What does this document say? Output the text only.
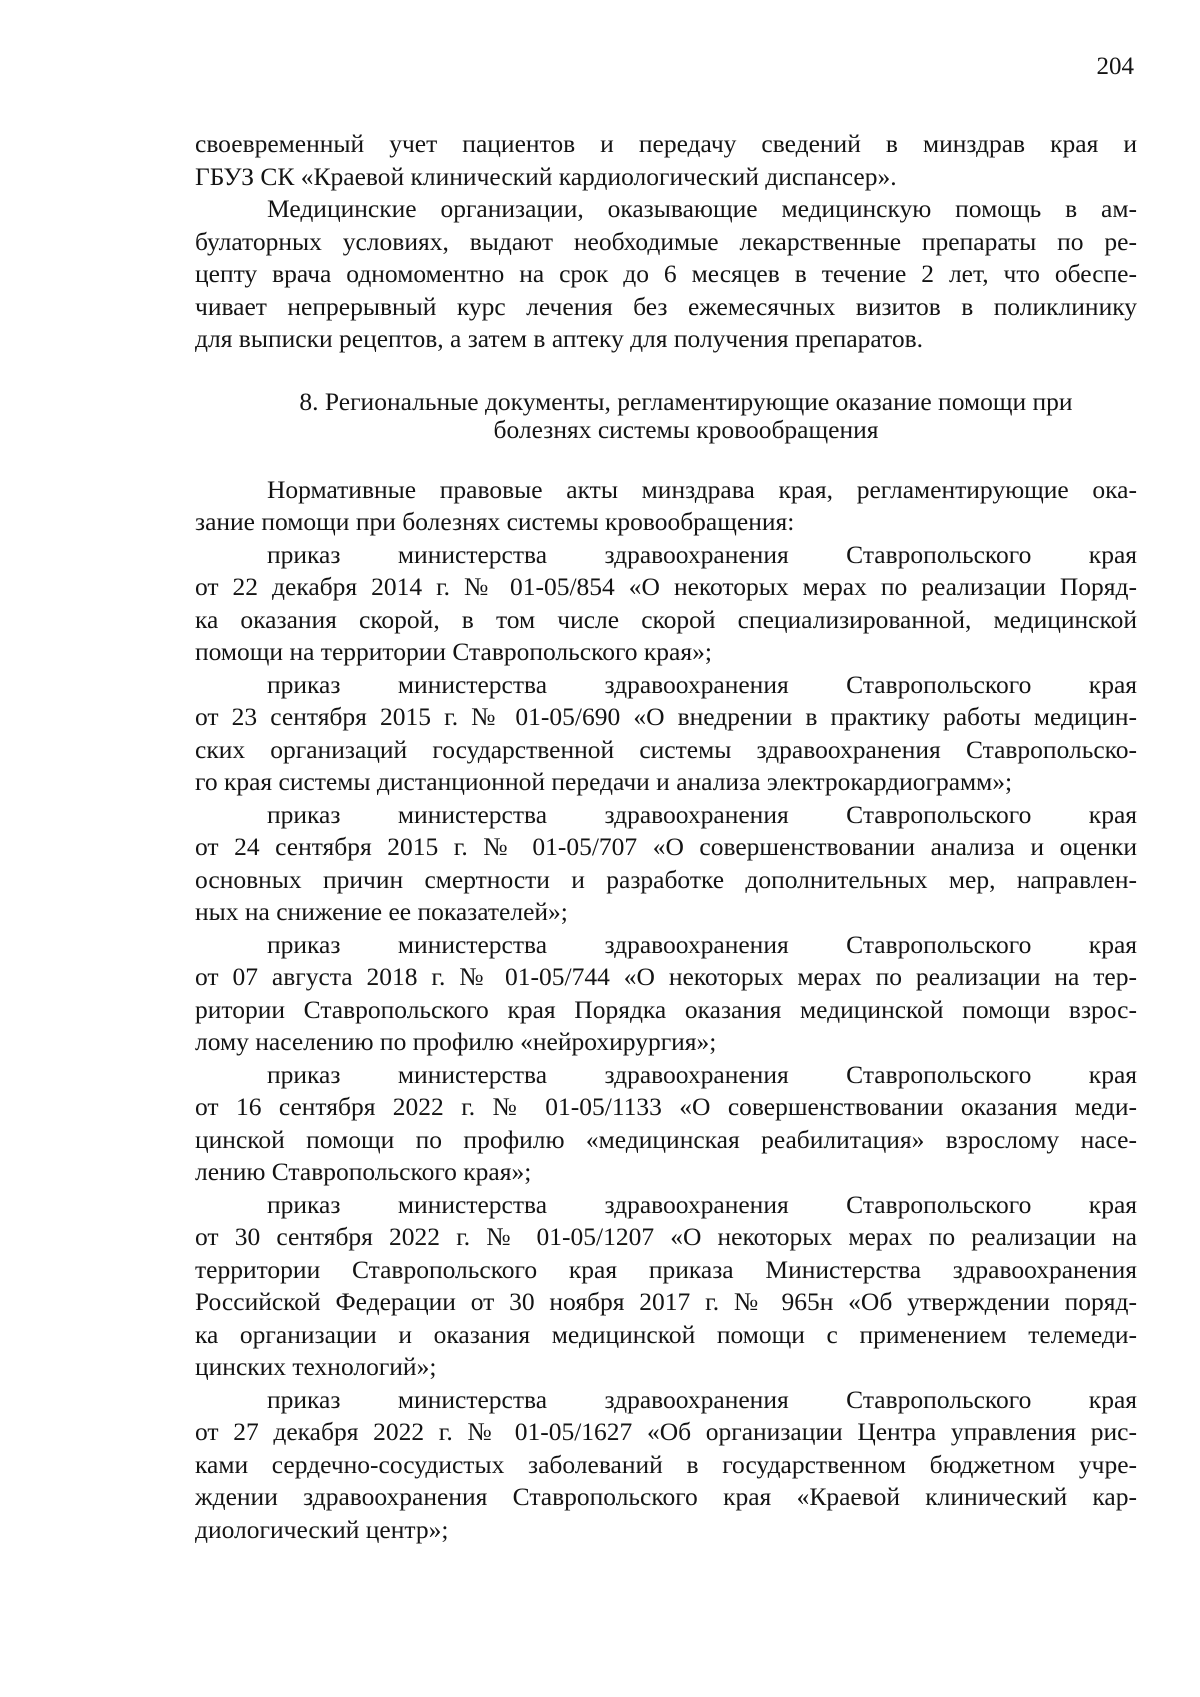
204
своевременный учет пациентов и передачу сведений в минздрав края и
ГБУЗ СК «Краевой клинический кардиологический диспансер».
Медицинские организации, оказывающие медицинскую помощь в ам-
булаторных условиях, выдают необходимые лекарственные препараты по ре-
цепту врача одномоментно на срок до 6 месяцев в течение 2 лет, что обеспе-
чивает непрерывный курс лечения без ежемесячных визитов в поликлинику
для выписки рецептов, а затем в аптеку для получения препаратов.
8. Региональные документы, регламентирующие оказание помощи при
болезнях системы кровообращения
Нормативные правовые акты минздрава края, регламентирующие ока-
зание помощи при болезнях системы кровообращения:
приказ министерства здравоохранения Ставропольского края
от 22 декабря 2014 г. № 01-05/854 «О некоторых мерах по реализации Поряд-
ка оказания скорой, в том числе скорой специализированной, медицинской
помощи на территории Ставропольского края»;
приказ министерства здравоохранения Ставропольского края
от 23 сентября 2015 г. № 01-05/690 «О внедрении в практику работы медицин-
ских организаций государственной системы здравоохранения Ставропольско-
го края системы дистанционной передачи и анализа электрокардиограмм»;
приказ министерства здравоохранения Ставропольского края
от 24 сентября 2015 г. № 01-05/707 «О совершенствовании анализа и оценки
основных причин смертности и разработке дополнительных мер, направлен-
ных на снижение ее показателей»;
приказ министерства здравоохранения Ставропольского края
от 07 августа 2018 г. № 01-05/744 «О некоторых мерах по реализации на тер-
ритории Ставропольского края Порядка оказания медицинской помощи взрос-
лому населению по профилю «нейрохирургия»;
приказ министерства здравоохранения Ставропольского края
от 16 сентября 2022 г. № 01-05/1133 «О совершенствовании оказания меди-
цинской помощи по профилю «медицинская реабилитация» взрослому насе-
лению Ставропольского края»;
приказ министерства здравоохранения Ставропольского края
от 30 сентября 2022 г. № 01-05/1207 «О некоторых мерах по реализации на
территории Ставропольского края приказа Министерства здравоохранения
Российской Федерации от 30 ноября 2017 г. № 965н «Об утверждении поряд-
ка организации и оказания медицинской помощи с применением телемеди-
цинских технологий»;
приказ министерства здравоохранения Ставропольского края
от 27 декабря 2022 г. № 01-05/1627 «Об организации Центра управления рис-
ками сердечно-сосудистых заболеваний в государственном бюджетном учре-
ждении здравоохранения Ставропольского края «Краевой клинический кар-
диологический центр»;
